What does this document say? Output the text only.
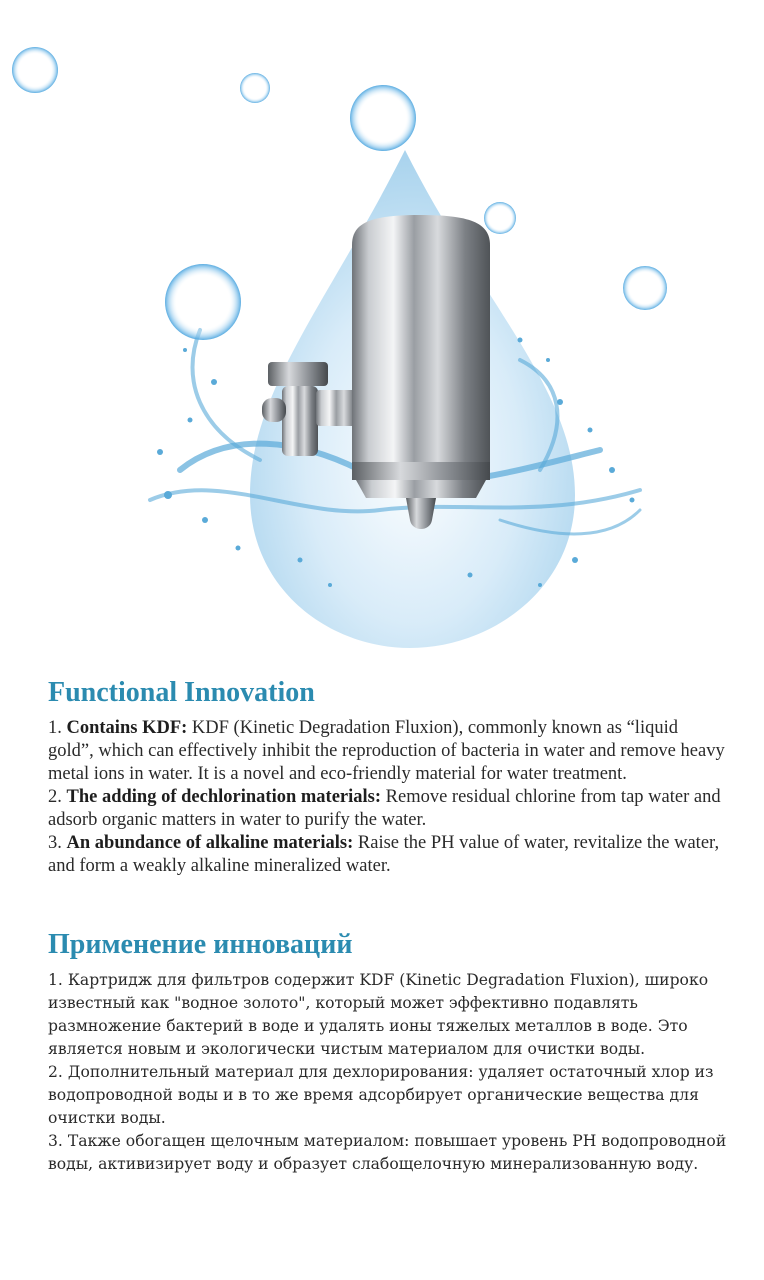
Functional Innovation

1. Contains KDF: KDF (Kinetic Degradation Fluxion), commonly known as “liquid gold”, which can effectively inhibit the reproduction of bacteria in water and remove heavy metal ions in water. It is a novel and eco-friendly material for water treatment.

2. The adding of dechlorination materials: Remove residual chlorine from tap water and adsorb organic matters in water to purify the water.

3. An abundance of alkaline materials: Raise the PH value of water, revitalize the water, and form a weakly alkaline mineralized water.

Применение инноваций

1. Картридж для фильтров содержит KDF (Kinetic Degradation Fluxion), широко известный как "водное золото", который может эффективно подавлять размножение бактерий в воде и удалять ионы тяжелых металлов в воде. Это является новым и экологически чистым материалом для очистки воды.

2. Дополнительный материал для дехлорирования: удаляет остаточный хлор из водопроводной воды и в то же время адсорбирует органические вещества для очистки воды.

3. Также обогащен щелочным материалом: повышает уровень PH водопроводной воды, активизирует воду и образует слабощелочную минерализованную воду.
